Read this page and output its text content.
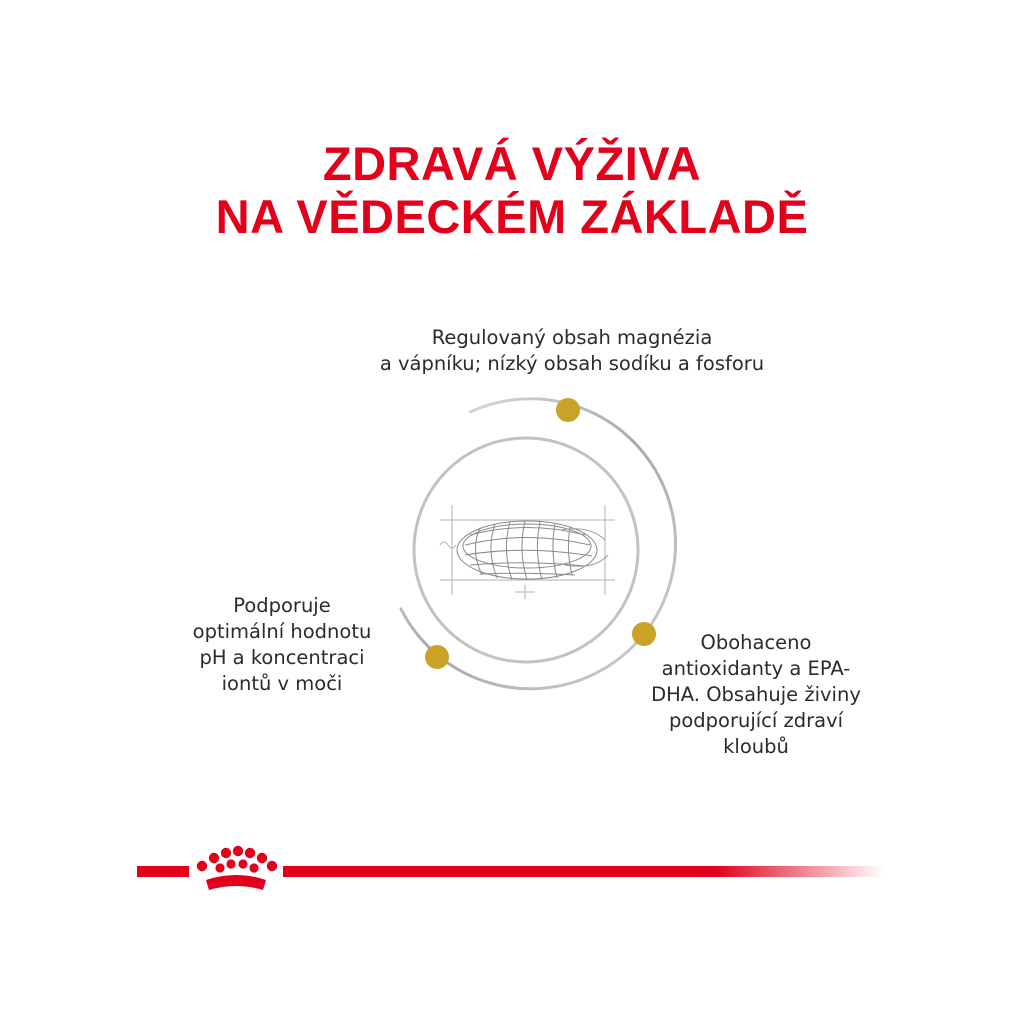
ZDRAVÁ VÝŽIVA
NA VĚDECKÉM ZÁKLADĚ

Regulovaný obsah magnézia
a vápníku; nízký obsah sodíku a fosforu

Podporuje
optimální hodnotu
pH a koncentraci
iontů v moči

Obohaceno
antioxidanty a EPA-
DHA. Obsahuje živiny
podporující zdraví
kloubů
